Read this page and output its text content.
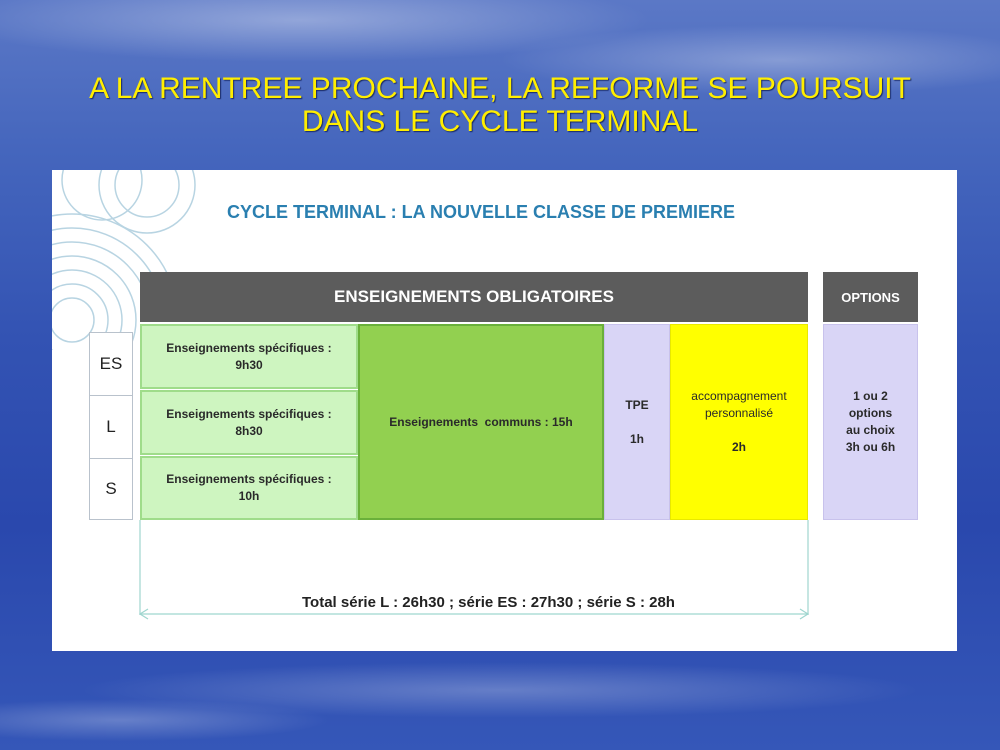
A LA RENTREE PROCHAINE, LA REFORME SE POURSUIT
DANS LE CYCLE TERMINAL
CYCLE TERMINAL : LA NOUVELLE CLASSE DE PREMIERE
ENSEIGNEMENTS OBLIGATOIRES	OPTIONS
ES
L
S
Enseignements spécifiques :
9h30
Enseignements spécifiques :
8h30
Enseignements spécifiques :
10h
Enseignements  communs : 15h
TPE
1h
accompagnement
personnalisé
2h
1 ou 2
options
au choix
3h ou 6h
Total série L : 26h30 ; série ES : 27h30 ; série S : 28h
